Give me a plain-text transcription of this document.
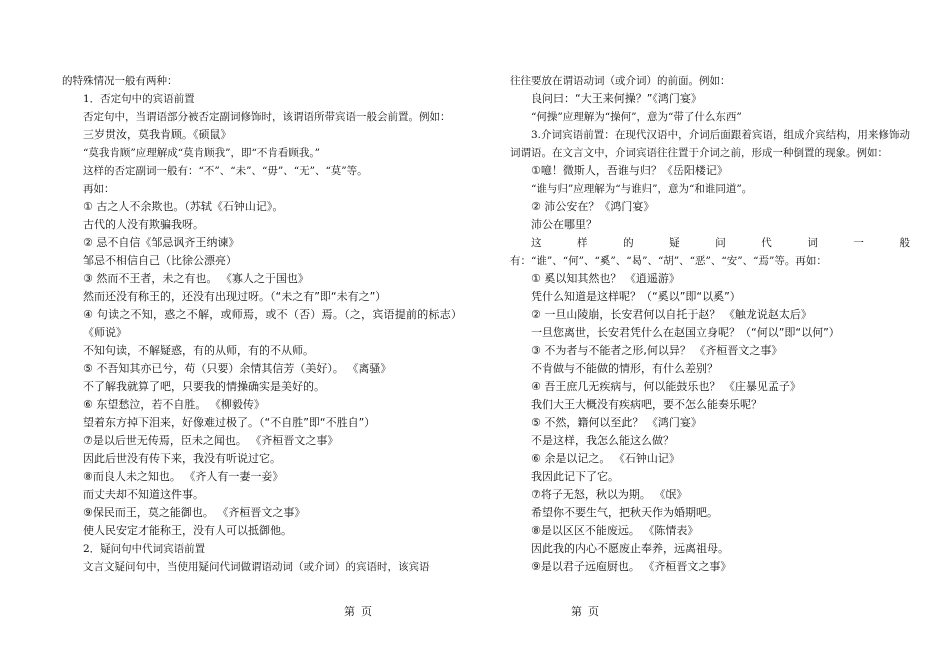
的特殊情况一般有两种：
1．否定句中的宾语前置
否定句中，当谓语部分被否定副词修饰时，该谓语所带宾语一般会前置。例如：
三岁贯汝，莫我肯顾。《硕鼠》
“莫我肯顾”应理解成“莫肯顾我”，即“不肯看顾我。”
这样的否定副词一般有：“不”、“未”、“毋”、“无”、“莫”等。
再如：
① 古之人不余欺也。（苏轼《石钟山记》。
古代的人没有欺骗我呀。
② 忌不自信《邹忌讽齐王纳谏》
邹忌不相信自己（比徐公漂亮）
③ 然而不王者，未之有也。 《寡人之于国也》
然而还没有称王的，还没有出现过呀。（“未之有”即“未有之”）
④ 句读之不知，惑之不解，或师焉，或不（否）焉。（之，宾语提前的标志）《师说》
不知句读，不解疑惑，有的从师，有的不从师。
⑤ 不吾知其亦已兮，苟（只要）余情其信芳（美好）。 《离骚》
不了解我就算了吧，只要我的情操确实是美好的。
⑥ 东望愁泣，若不自胜。 《柳毅传》
望着东方掉下泪来，好像难过极了。（“不自胜”即“不胜自”）
⑦是以后世无传焉，臣未之闻也。 《齐桓晋文之事》
因此后世没有传下来，我没有听说过它。
⑧而良人未之知也。 《齐人有一妻一妾》
而丈夫却不知道这件事。
⑨保民而王，莫之能御也。 《齐桓晋文之事》
使人民安定才能称王，没有人可以抵御他。
2．疑问句中代词宾语前置
文言文疑问句中，当使用疑问代词做谓语动词（或介词）的宾语时，该宾语
往往要放在谓语动词（或介词）的前面。例如：
良问曰：“大王来何操？”《鸿门宴》
“何操”应理解为“操何”，意为“带了什么东西”
3.介词宾语前置：在现代汉语中，介词后面跟着宾语，组成介宾结构，用来修饰动词谓语。在文言文中，介词宾语往往置于介词之前，形成一种倒置的现象。例如：
①噫！微斯人，吾谁与归？《岳阳楼记》
“谁与归”应理解为“与谁归”，意为“和谁同道”。
② 沛公安在？《鸿门宴》
沛公在哪里？
这样的疑问代词一般有：“谁”、“何”、“奚”、“曷”、“胡”、“恶”、“安”、“焉”等。再如：
① 奚以知其然也？ 《逍遥游》
凭什么知道是这样呢？（“奚以”即“以奚”）
② 一旦山陵崩，长安君何以自托于赵？ 《触龙说赵太后》
一旦您离世，长安君凭什么在赵国立身呢？（“何以”即“以何”）
③ 不为者与不能者之形,何以异？ 《齐桓晋文之事》
不肯做与不能做的情形，有什么差别？
④ 吾王庶几无疾病与，何以能鼓乐也？ 《庄暴见孟子》
我们大王大概没有疾病吧，要不怎么能奏乐呢？
⑤ 不然，籍何以至此？ 《鸿门宴》
不是这样，我怎么能这么做？
⑥ 余是以记之。 《石钟山记》
我因此记下了它。
⑦将子无怒，秋以为期。 《氓》
希望你不要生气，把秋天作为婚期吧。
⑧是以区区不能废远。 《陈情表》
因此我的内心不愿废止奉养，远离祖母。
⑨是以君子远庖厨也。 《齐桓晋文之事》
第页	第页
